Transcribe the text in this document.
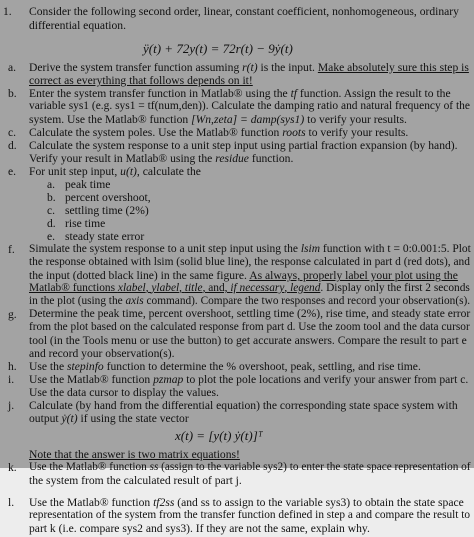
1. Consider the following second order, linear, constant coefficient, nonhomogeneous, ordinary
differential equation.
ÿ(t) + 72y(t) = 72r(t) − 9ẏ(t)
a. Derive the system transfer function assuming r(t) is the input. Make absolutely sure this step is
correct as everything that follows depends on it!
b. Enter the system transfer function in Matlab® using the tf function. Assign the result to the
variable sys1 (e.g. sys1 = tf(num,den)). Calculate the damping ratio and natural frequency of the
system. Use the Matlab® function [Wn,zeta] = damp(sys1) to verify your results.
c. Calculate the system poles. Use the Matlab® function roots to verify your results.
d. Calculate the system response to a unit step input using partial fraction expansion (by hand).
Verify your result in Matlab® using the residue function.
e. For unit step input, u(t), calculate the
a. peak time
b. percent overshoot,
c. settling time (2%)
d. rise time
e. steady state error
f. Simulate the system response to a unit step input using the lsim function with t = 0:0.001:5. Plot
the response obtained with lsim (solid blue line), the response calculated in part d (red dots), and
the input (dotted black line) in the same figure. As always, properly label your plot using the
Matlab® functions xlabel, ylabel, title, and, if necessary, legend. Display only the first 2 seconds
in the plot (using the axis command). Compare the two responses and record your observation(s).
g. Determine the peak time, percent overshoot, settling time (2%), rise time, and steady state error
from the plot based on the calculated response from part d. Use the zoom tool and the data cursor
tool (in the Tools menu or use the button) to get accurate answers. Compare the result to part e
and record your observation(s).
h. Use the stepinfo function to determine the % overshoot, peak, settling, and rise time.
i. Use the Matlab® function pzmap to plot the pole locations and verify your answer from part c.
Use the data cursor to display the values.
j. Calculate (by hand from the differential equation) the corresponding state space system with
output ẏ(t) if using the state vector
x(t) = [y(t) ẏ(t)]ᵀ
Note that the answer is two matrix equations!
k. Use the Matlab® function ss (assign to the variable sys2) to enter the state space representation of
the system from the calculated result of part j.
l. Use the Matlab® function tf2ss (and ss to assign to the variable sys3) to obtain the state space
representation of the system from the transfer function defined in step a and compare the result to
part k (i.e. compare sys2 and sys3). If they are not the same, explain why.
